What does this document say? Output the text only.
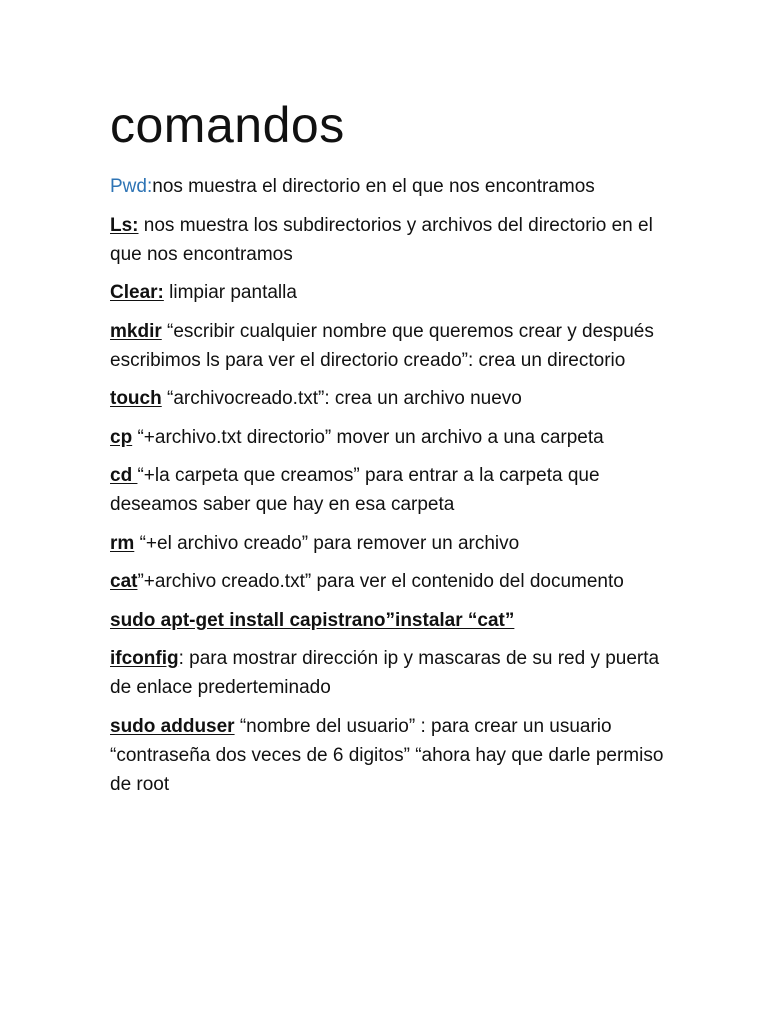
comandos

Pwd:nos muestra el directorio en el que nos encontramos

Ls: nos muestra los subdirectorios y archivos del directorio en el que nos encontramos

Clear: limpiar pantalla

mkdir “escribir cualquier nombre que queremos crear y después escribimos ls para ver el directorio creado”: crea un directorio

touch “archivocreado.txt”: crea un archivo nuevo

cp “+archivo.txt directorio” mover un archivo a una carpeta

cd “+la carpeta que creamos” para entrar a la carpeta que deseamos saber que hay en esa carpeta

rm “+el archivo creado” para remover un archivo

cat”+archivo creado.txt” para ver el contenido del documento

sudo apt-get install capistrano”instalar “cat”

ifconfig: para mostrar dirección ip y mascaras de su red y puerta de enlace prederteminado

sudo adduser “nombre del usuario” : para crear un usuario “contraseña dos veces de 6 digitos” “ahora hay que darle permiso de root
